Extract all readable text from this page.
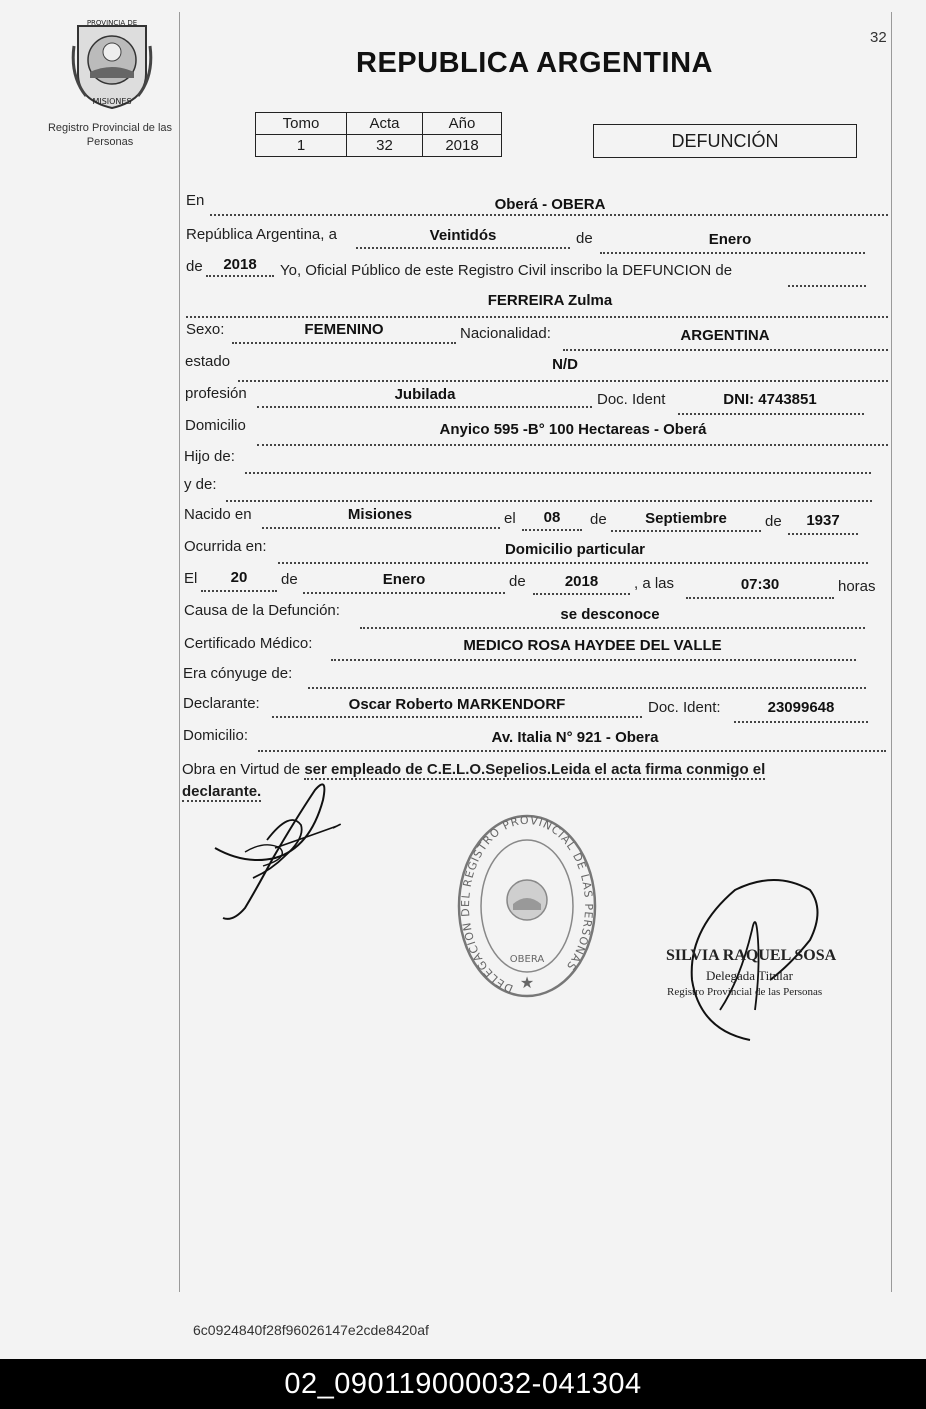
PROVINCIA DE
MISIONES
Registro Provincial de las Personas
32
REPUBLICA ARGENTINA
Tomo	Acta	Año
1	32	2018	DEFUNCIÓN
En	Oberá - OBERA
República Argentina, a	Veintidós	de	Enero
de	2018	Yo, Oficial Público de este Registro Civil inscribo la DEFUNCION de
FERREIRA Zulma
Sexo:	FEMENINO	Nacionalidad:	ARGENTINA
estado	N/D
profesión	Jubilada	Doc. Ident	DNI: 4743851
Domicilio	Anyico 595 -B° 100 Hectareas - Oberá
Hijo de:
y de:
Nacido en	Misiones	el	08	de	Septiembre	de	1937
Ocurrida en:	Domicilio particular
El	20	de	Enero	de	2018	, a las	07:30	horas
Causa de la Defunción:	se desconoce
Certificado Médico:	MEDICO ROSA HAYDEE DEL VALLE
Era cónyuge de:
Declarante:	Oscar Roberto MARKENDORF	Doc. Ident:	23099648
Domicilio:	Av. Italia N° 921 - Obera
Obra en Virtud de ser empleado de C.E.L.O.Sepelios.Leida el acta firma conmigo el
declarante.
DELEGACION DEL REGISTRO PROVINCIAL DE LAS PERSONAS
OBERA
★
SILVIA RAQUEL SOSA
Delegada Titular
Registro Provincial de las Personas
6c0924840f28f96026147e2cde8420af
02_090119000032-041304
